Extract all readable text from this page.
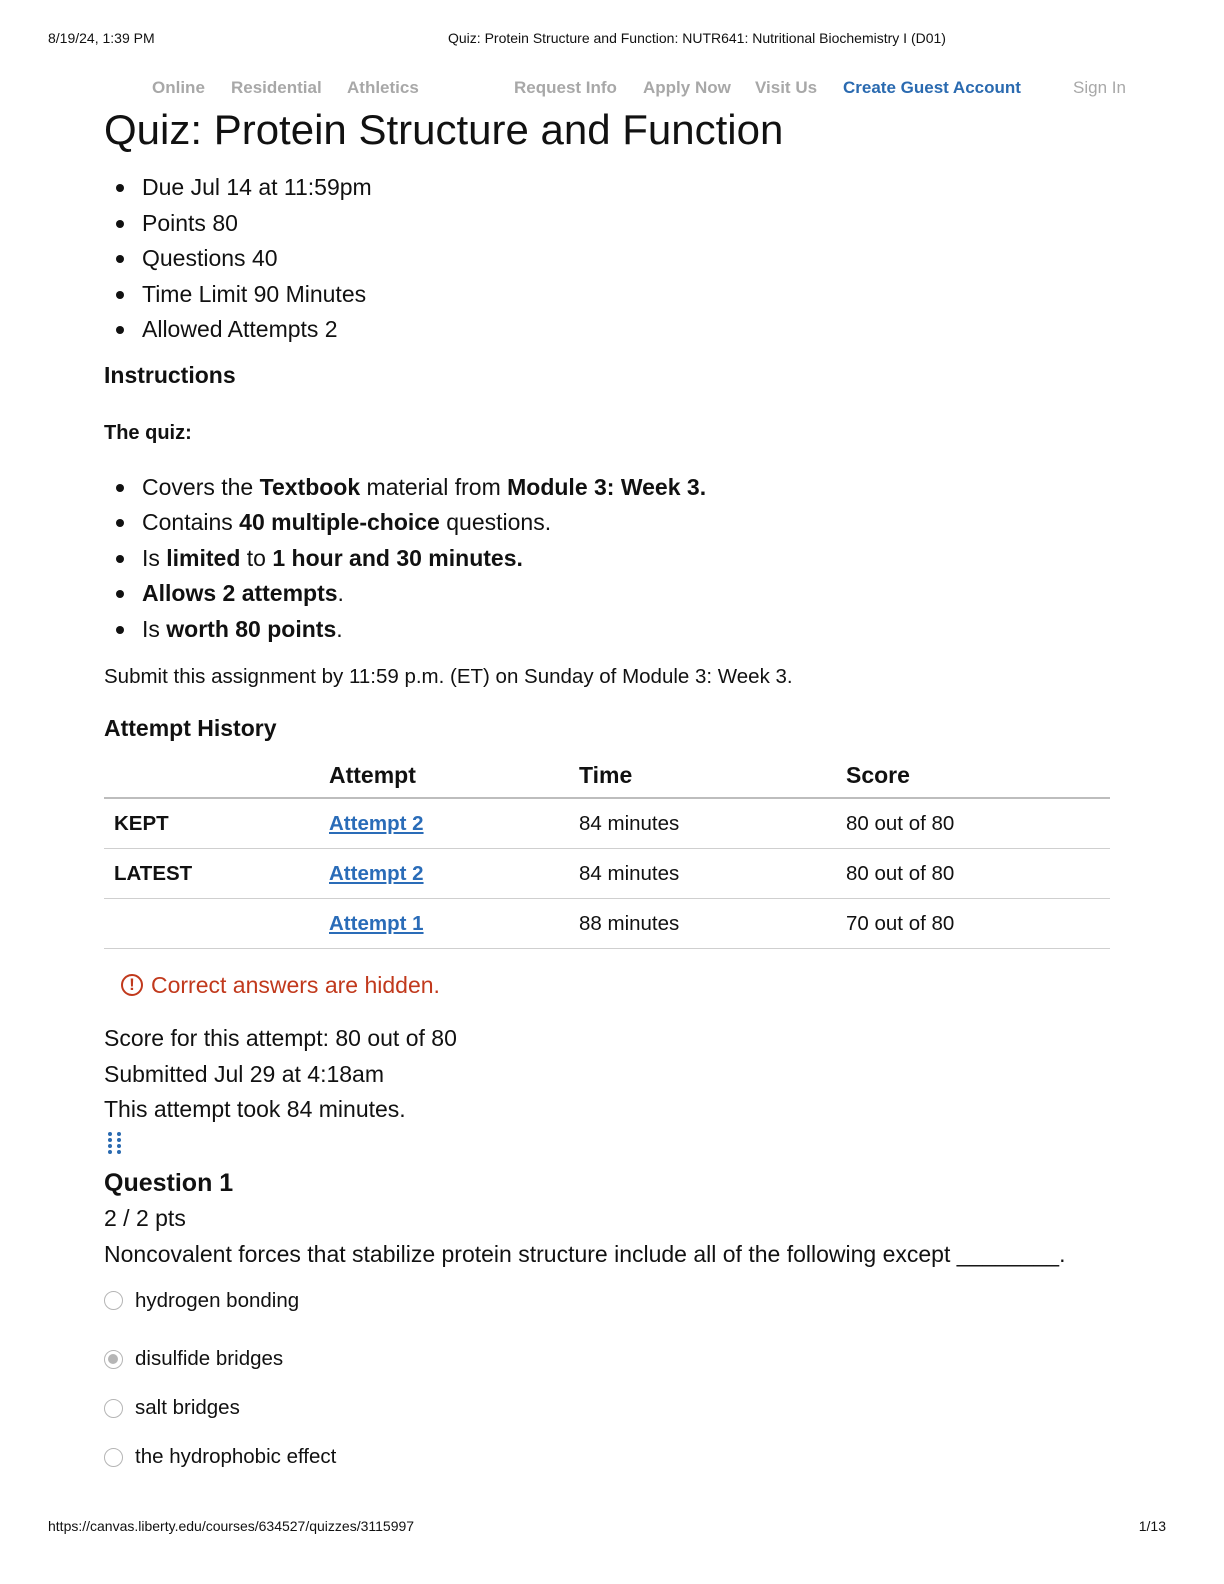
8/19/24, 1:39 PM	Quiz: Protein Structure and Function: NUTR641: Nutritional Biochemistry I (D01)
Online Residential Athletics	Request Info Apply Now Visit Us Create Guest Account	Sign In
Quiz: Protein Structure and Function
Due Jul 14 at 11:59pm
Points 80
Questions 40
Time Limit 90 Minutes
Allowed Attempts 2
Instructions
The quiz:
Covers the Textbook material from Module 3: Week 3.
Contains 40 multiple-choice questions.
Is limited to 1 hour and 30 minutes.
Allows 2 attempts.
Is worth 80 points.
Submit this assignment by 11:59 p.m. (ET) on Sunday of Module 3: Week 3.
Attempt History
	Attempt	Time	Score
KEPT	Attempt 2	84 minutes	80 out of 80
LATEST	Attempt 2	84 minutes	80 out of 80
	Attempt 1	88 minutes	70 out of 80
! Correct answers are hidden.
Score for this attempt: 80 out of 80
Submitted Jul 29 at 4:18am
This attempt took 84 minutes.
Question 1
2 / 2 pts
Noncovalent forces that stabilize protein structure include all of the following except ________.
hydrogen bonding
disulfide bridges
salt bridges
the hydrophobic effect
https://canvas.liberty.edu/courses/634527/quizzes/3115997	1/13
